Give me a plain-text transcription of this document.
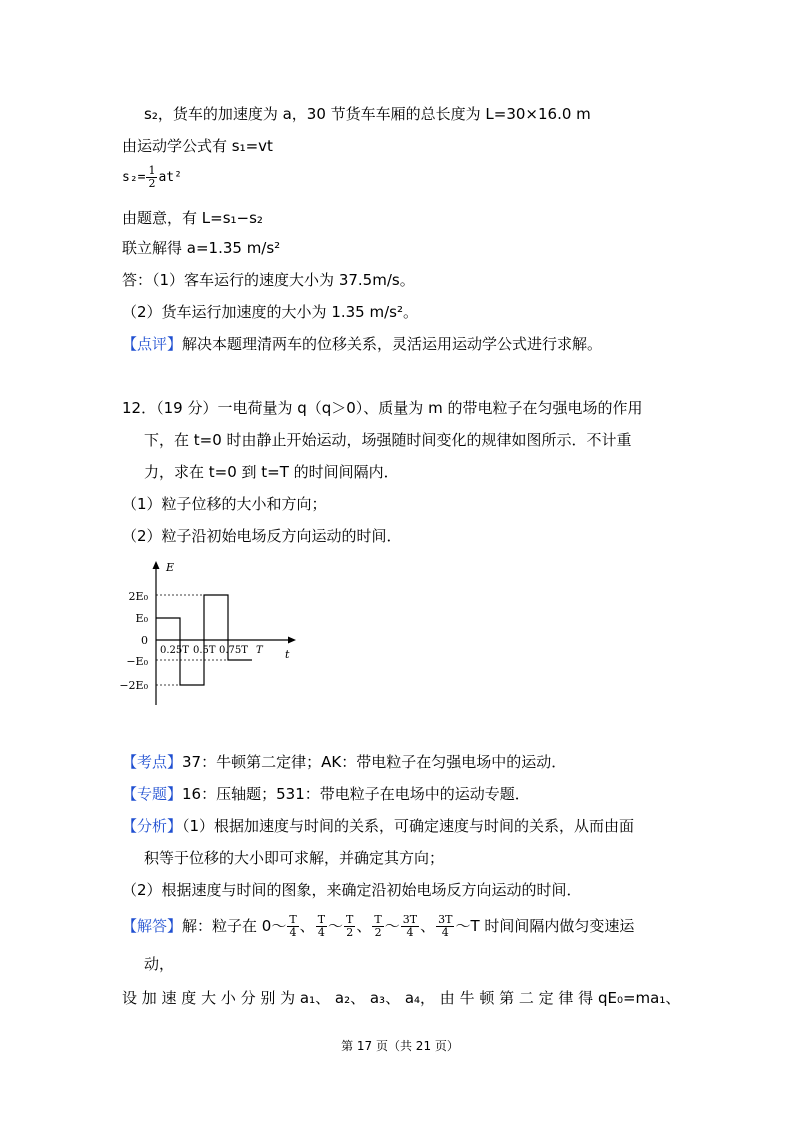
s₂，货车的加速度为 a，30 节货车车厢的总长度为 L=30×16.0 m
由运动学公式有 s₁=vt
$s_2= \frac{1}{2} at^2$
由题意，有 L=s₁−s₂
联立解得 a=1.35 m/s²
答：（1）客车运行的速度大小为 37.5m/s。
（2）货车运行加速度的大小为 1.35 m/s²。
【点评】解决本题理清两车的位移关系，灵活运用运动学公式进行求解。
12．（19 分）一电荷量为 q（q＞0）、质量为 m 的带电粒子在匀强电场的作用
下，在 t=0 时由静止开始运动，场强随时间变化的规律如图所示．不计重
力，求在 t=0 到 t=T 的时间间隔内．
（1）粒子位移的大小和方向；
（2）粒子沿初始电场反方向运动的时间．
E
t
2E₀
E₀
0
−E₀
−2E₀
0.25T 0.5T 0.75T T
【考点】37：牛顿第二定律；AK：带电粒子在匀强电场中的运动．
【专题】16：压轴题；531：带电粒子在电场中的运动专题．
【分析】（1）根据加速度与时间的关系，可确定速度与时间的关系，从而由面
积等于位移的大小即可求解，并确定其方向；
（2）根据速度与时间的图象，来确定沿初始电场反方向运动的时间．
【解答】解：粒子在 0～ $\frac{T}{4}$ 、 $\frac{T}{4}$ ～ $\frac{T}{2}$ 、 $\frac{T}{2}$ ～ $\frac{3T}{4}$ 、 $\frac{3T}{4}$ ～T 时间间隔内做匀变速运
动，
设 加 速 度 大 小 分 别 为 a₁、 a₂、 a₃、 a₄， 由 牛 顿 第 二 定 律 得 qE₀=ma₁、
第 17 页（共 21 页）
